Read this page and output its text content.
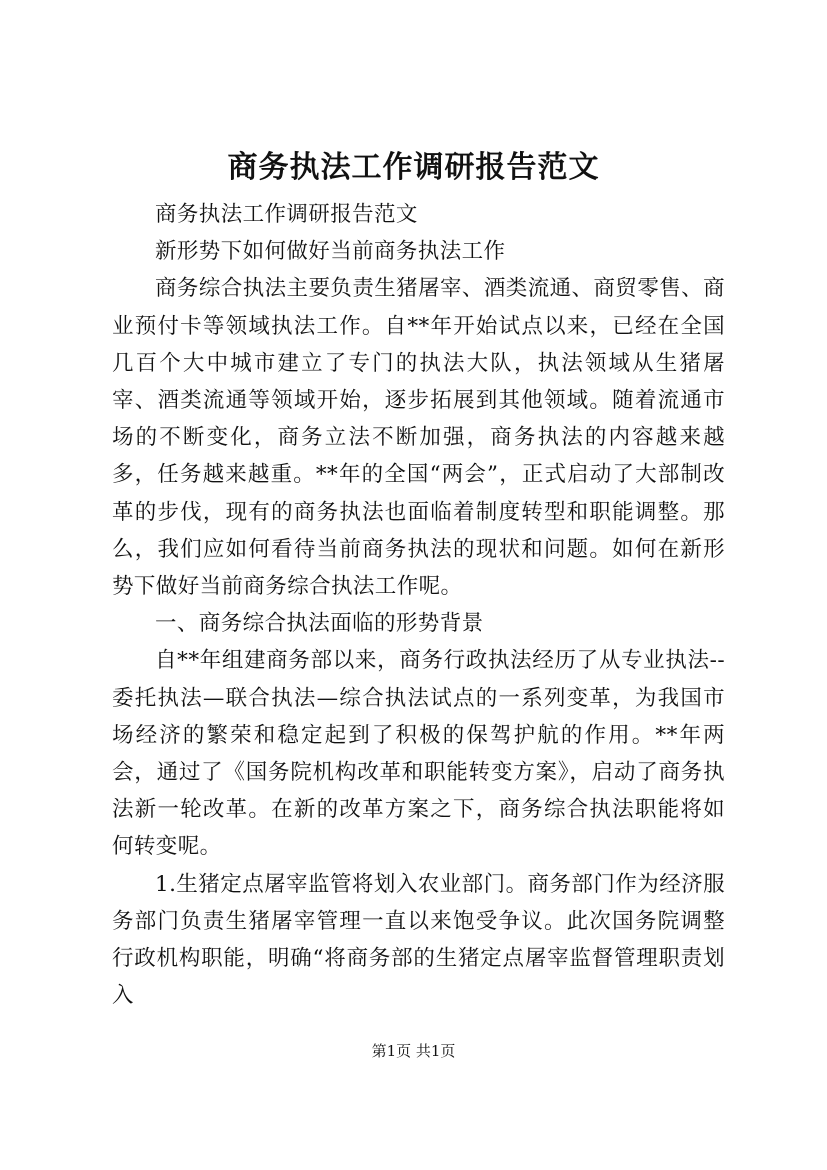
商务执法工作调研报告范文

商务执法工作调研报告范文

新形势下如何做好当前商务执法工作

商务综合执法主要负责生猪屠宰、酒类流通、商贸零售、商业预付卡等领域执法工作。自**年开始试点以来，已经在全国几百个大中城市建立了专门的执法大队，执法领域从生猪屠宰、酒类流通等领域开始，逐步拓展到其他领域。随着流通市场的不断变化，商务立法不断加强，商务执法的内容越来越多，任务越来越重。**年的全国“两会”，正式启动了大部制改革的步伐，现有的商务执法也面临着制度转型和职能调整。那么，我们应如何看待当前商务执法的现状和问题。如何在新形势下做好当前商务综合执法工作呢。

一、商务综合执法面临的形势背景

自**年组建商务部以来，商务行政执法经历了从专业执法--委托执法—联合执法—综合执法试点的一系列变革，为我国市场经济的繁荣和稳定起到了积极的保驾护航的作用。**年两会，通过了《国务院机构改革和职能转变方案》，启动了商务执法新一轮改革。在新的改革方案之下，商务综合执法职能将如何转变呢。

1.生猪定点屠宰监管将划入农业部门。商务部门作为经济服务部门负责生猪屠宰管理一直以来饱受争议。此次国务院调整行政机构职能，明确“将商务部的生猪定点屠宰监督管理职责划入

第1页 共1页
